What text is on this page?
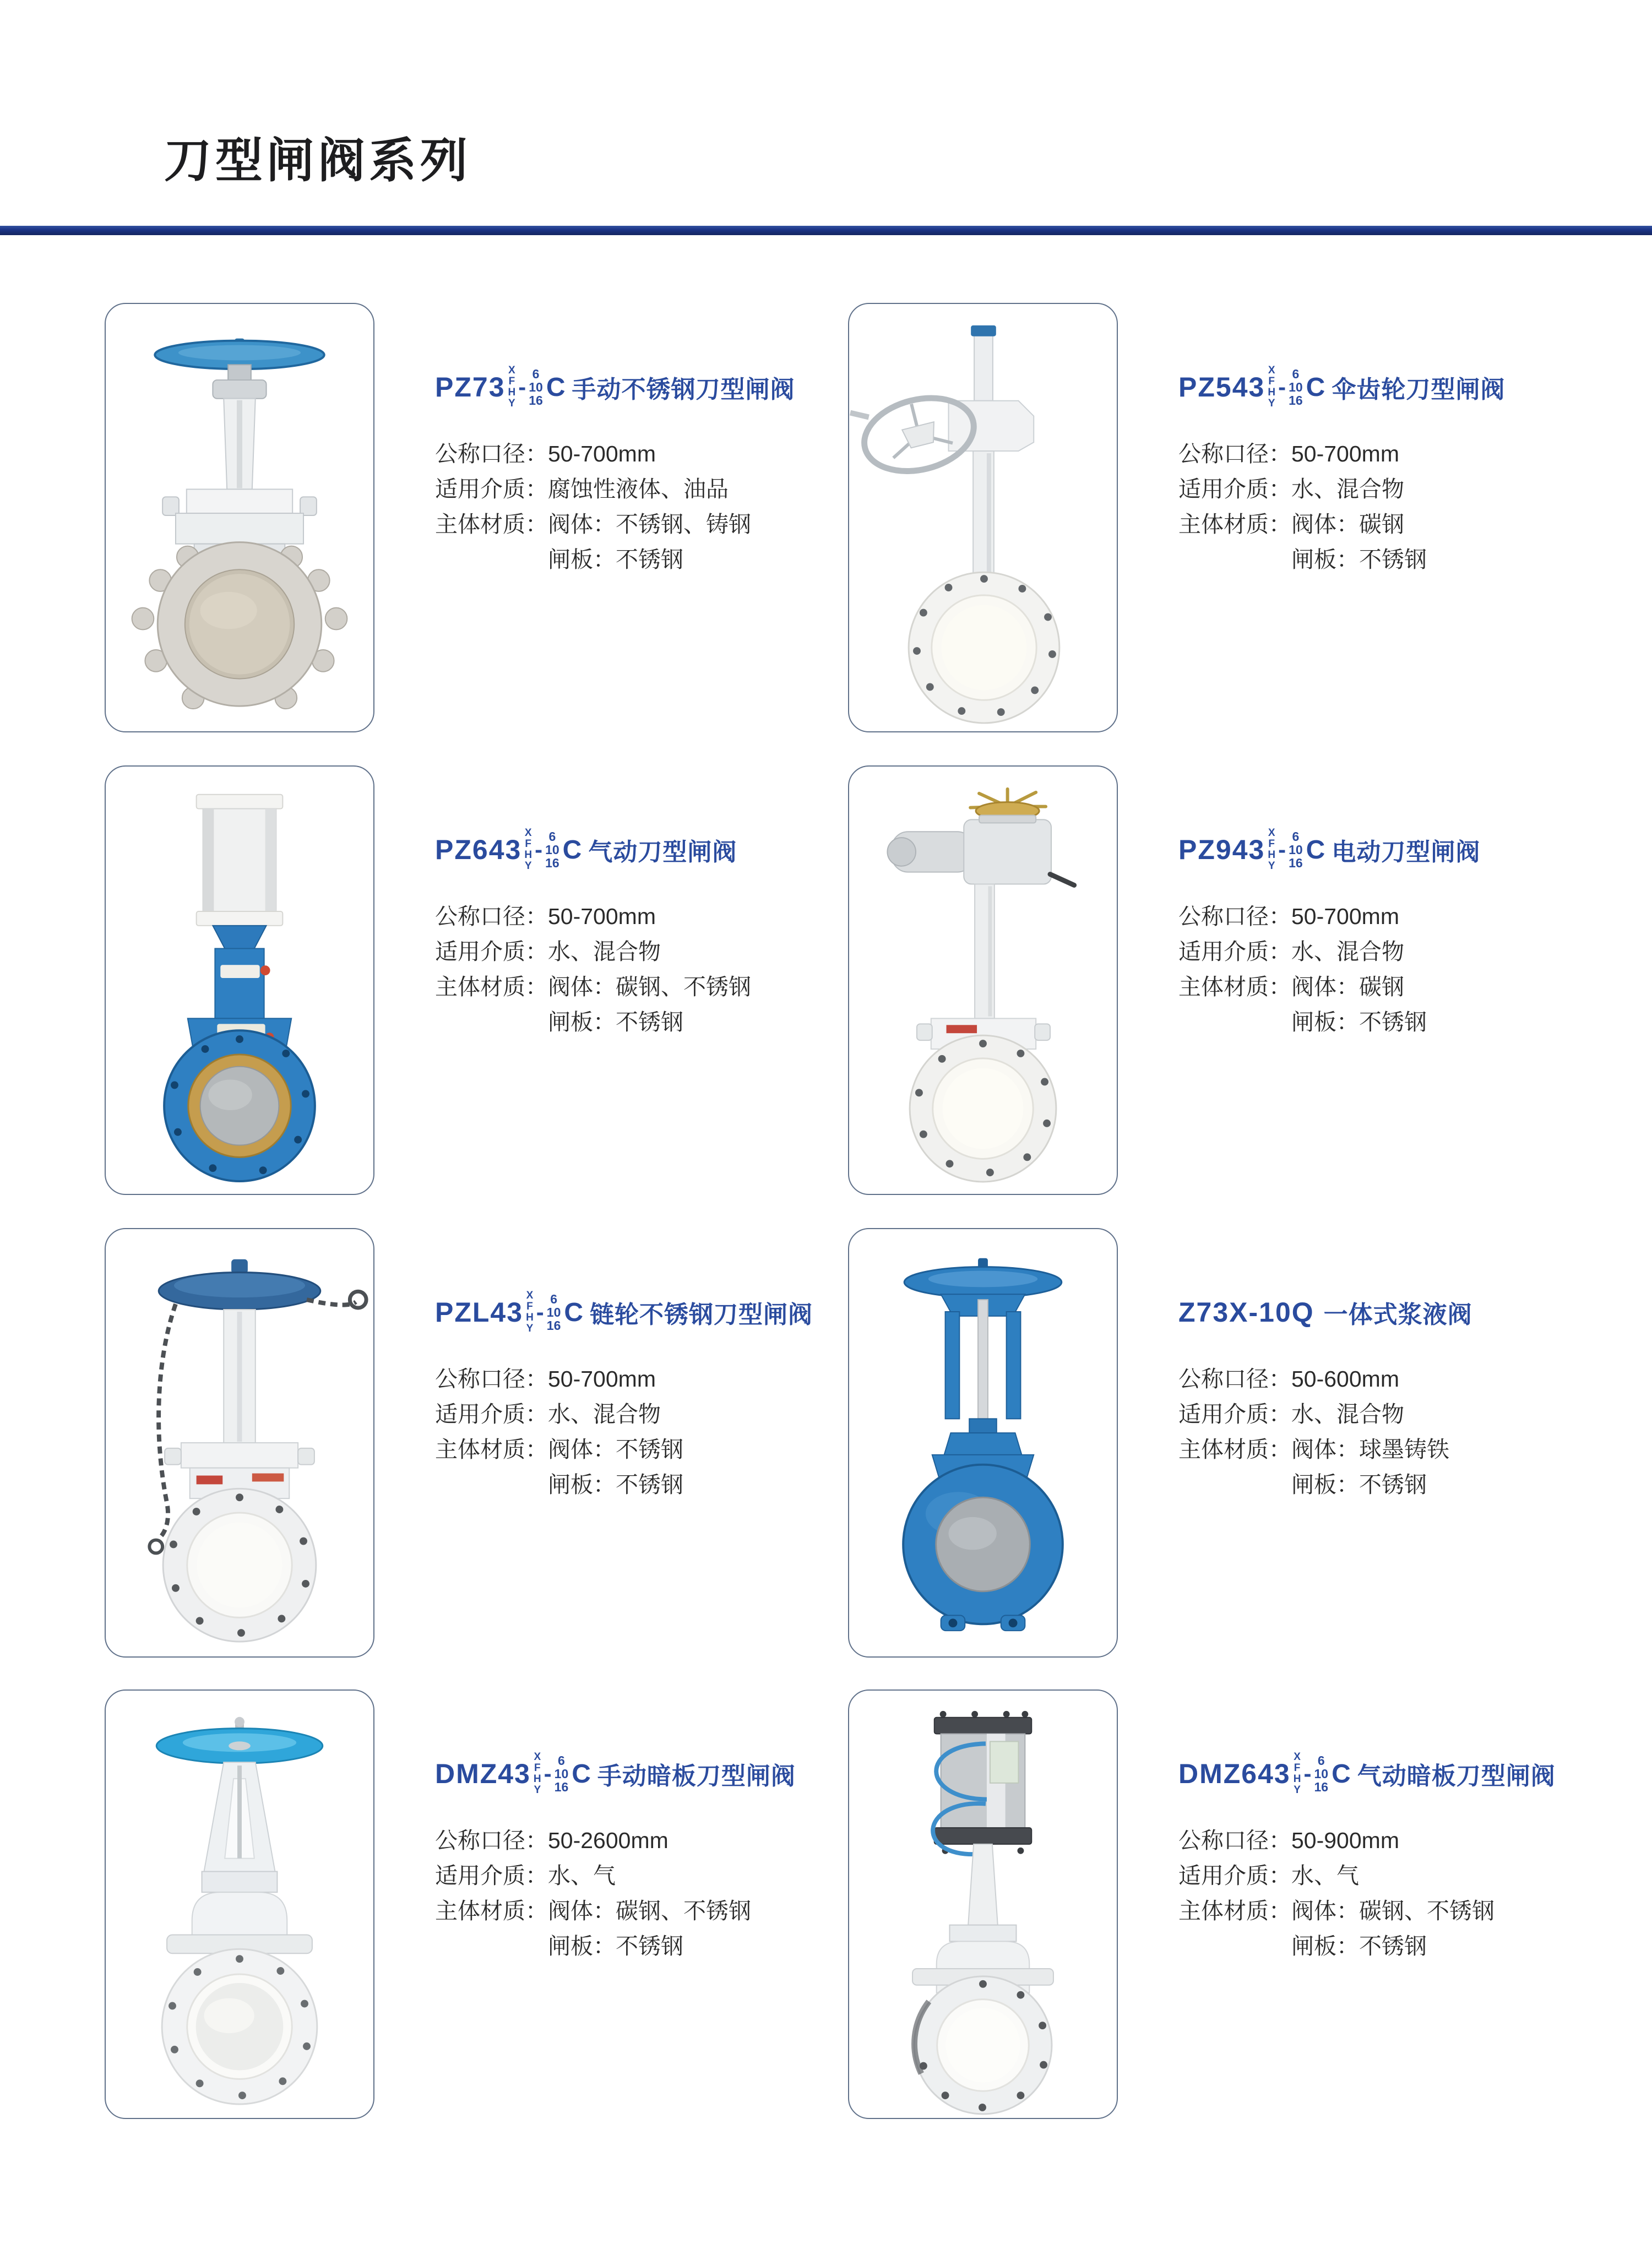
刀型闸阀系列
PZ73
X
F
H
Y
-
6
10
16 C 手动不锈钢刀型闸阀
公称口径： 50-700mm
适用介质： 腐蚀性液体、油品
主体材质： 阀体： 不锈钢、铸钢
闸板： 不锈钢
PZ543
X
F
H
Y
-
6
10
16 C 伞齿轮刀型闸阀
公称口径： 50-700mm
适用介质： 水、混合物
主体材质： 阀体： 碳钢
闸板： 不锈钢
PZ643
X
F
H
Y
-
6
10
16 C 气动刀型闸阀
公称口径： 50-700mm
适用介质： 水、混合物
主体材质： 阀体： 碳钢、不锈钢
闸板： 不锈钢
PZ943
X
F
H
Y
-
6
10
16 C 电动刀型闸阀
公称口径： 50-700mm
适用介质： 水、混合物
主体材质： 阀体： 碳钢
闸板： 不锈钢
PZL43
X
F
H
Y
-
6
10
16 C 链轮不锈钢刀型闸阀
公称口径： 50-700mm
适用介质： 水、混合物
主体材质： 阀体： 不锈钢
闸板： 不锈钢
Z73X-10Q 一体式浆液阀
公称口径： 50-600mm
适用介质： 水、混合物
主体材质： 阀体： 球墨铸铁
闸板： 不锈钢
DMZ43
X
F
H
Y
-
6
10
16 C 手动暗板刀型闸阀
公称口径： 50-2600mm
适用介质： 水、气
主体材质： 阀体： 碳钢、不锈钢
闸板： 不锈钢
DMZ643
X
F
H
Y
-
6
10
16 C 气动暗板刀型闸阀
公称口径： 50-900mm
适用介质： 水、气
主体材质： 阀体： 碳钢、不锈钢
闸板： 不锈钢
